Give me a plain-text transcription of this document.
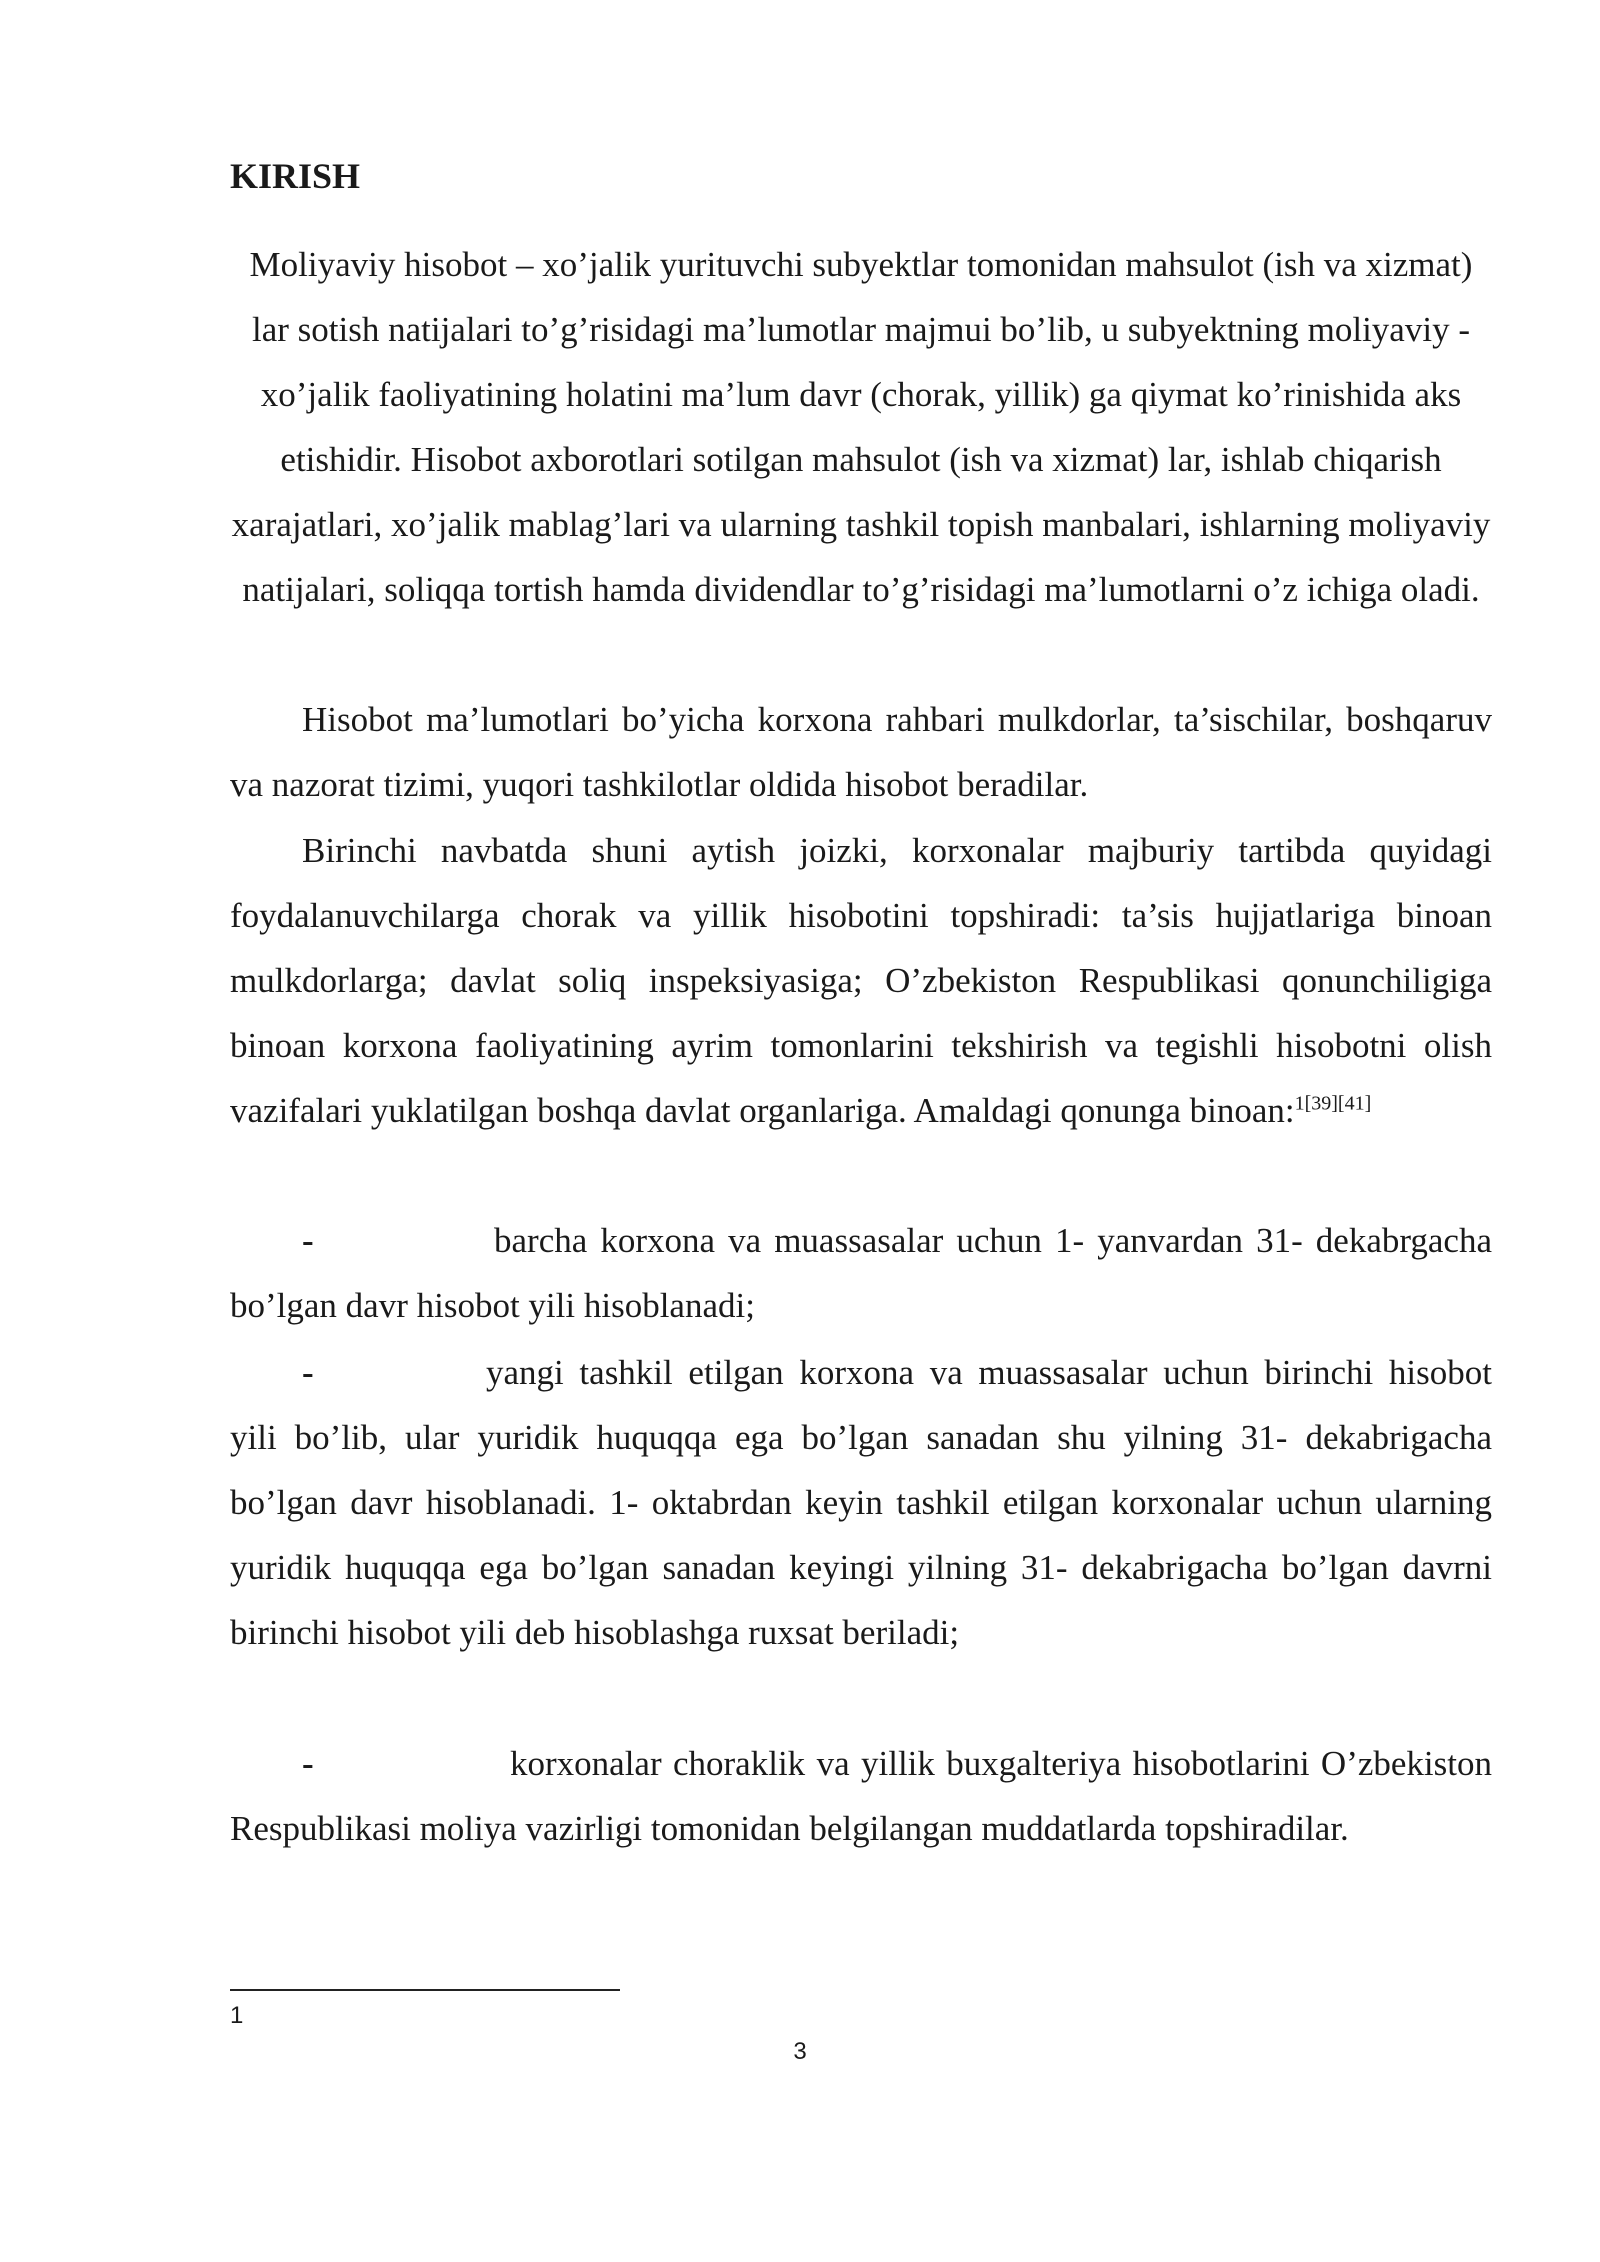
KIRISH

Moliyaviy hisobot – xo’jalik yurituvchi subyektlar tomonidan mahsulot (ish va xizmat) lar sotish natijalari to’g’risidagi ma’lumotlar majmui bo’lib, u subyektning moliyaviy -xo’jalik faoliyatining holatini ma’lum davr (chorak, yillik) ga qiymat ko’rinishida aks etishidir. Hisobot axborotlari sotilgan mahsulot (ish va xizmat) lar, ishlab chiqarish xarajatlari, xo’jalik mablag’lari va ularning tashkil topish manbalari, ishlarning moliyaviy natijalari, soliqqa tortish hamda dividendlar to’g’risidagi ma’lumotlarni o’z ichiga oladi.

Hisobot ma’lumotlari bo’yicha korxona rahbari mulkdorlar, ta’sischilar, boshqaruv va nazorat tizimi, yuqori tashkilotlar oldida hisobot beradilar.

Birinchi navbatda shuni aytish joizki, korxonalar majburiy tartibda quyidagi foydalanuvchilarga chorak va yillik hisobotini topshiradi: ta’sis hujjatlariga binoan mulkdorlarga; davlat soliq inspeksiyasiga; O’zbekiston Respublikasi qonunchiligiga binoan korxona faoliyatining ayrim tomonlarini tekshirish va tegishli hisobotni olish vazifalari yuklatilgan boshqa davlat organlariga. Amaldagi qonunga binoan:$^{1[39][41]}$

-	barcha korxona va muassasalar uchun 1- yanvardan 31- dekabrgacha bo’lgan davr hisobot yili hisoblanadi;

-	yangi tashkil etilgan korxona va muassasalar uchun birinchi hisobot yili bo’lib, ular yuridik huquqqa ega bo’lgan sanadan shu yilning 31- dekabrigacha bo’lgan davr hisoblanadi. 1- oktabrdan keyin tashkil etilgan korxonalar uchun ularning yuridik huquqqa ega bo’lgan sanadan keyingi yilning 31- dekabrigacha bo’lgan davrni birinchi hisobot yili deb hisoblashga ruxsat beriladi;

-	korxonalar choraklik va yillik buxgalteriya hisobotlarini O’zbekiston Respublikasi moliya vazirligi tomonidan belgilangan muddatlarda topshiradilar.

1
3
